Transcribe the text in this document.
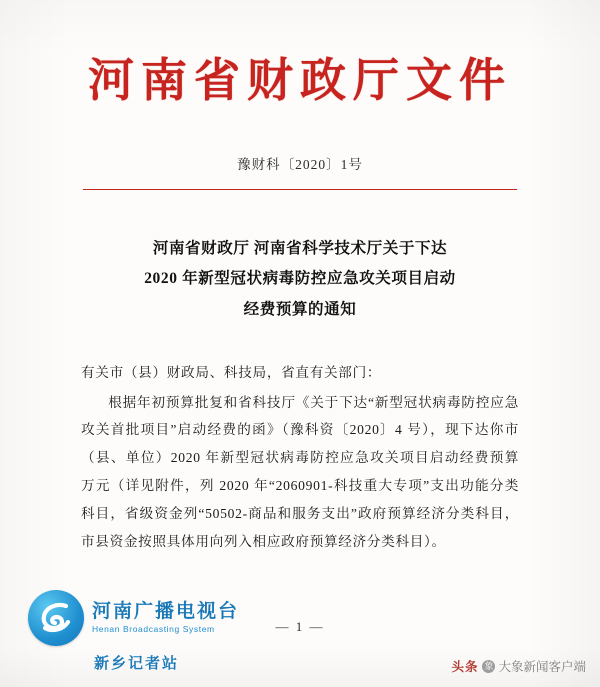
河南省财政厅文件
豫财科〔2020〕1号
河南省财政厅 河南省科学技术厅关于下达
2020 年新型冠状病毒防控应急攻关项目启动
经费预算的通知

有关市（县）财政局、科技局，省直有关部门：

根据年初预算批复和省科技厅《关于下达“新型冠状病毒防控应急攻关首批项目”启动经费的函》（豫科资〔2020〕4 号），现下达你市（县、单位）2020 年新型冠状病毒防控应急攻关项目启动经费预算　　万元（详见附件，列 2020 年“2060901-科技重大专项”支出功能分类科目，省级资金列“50502-商品和服务支出”政府预算经济分类科目，市县资金按照具体用向列入相应政府预算经济分类科目）。

— 1 —
河南广播电视台
Henan Broadcasting System
新乡记者站	头条 象 大象新闻客户端
